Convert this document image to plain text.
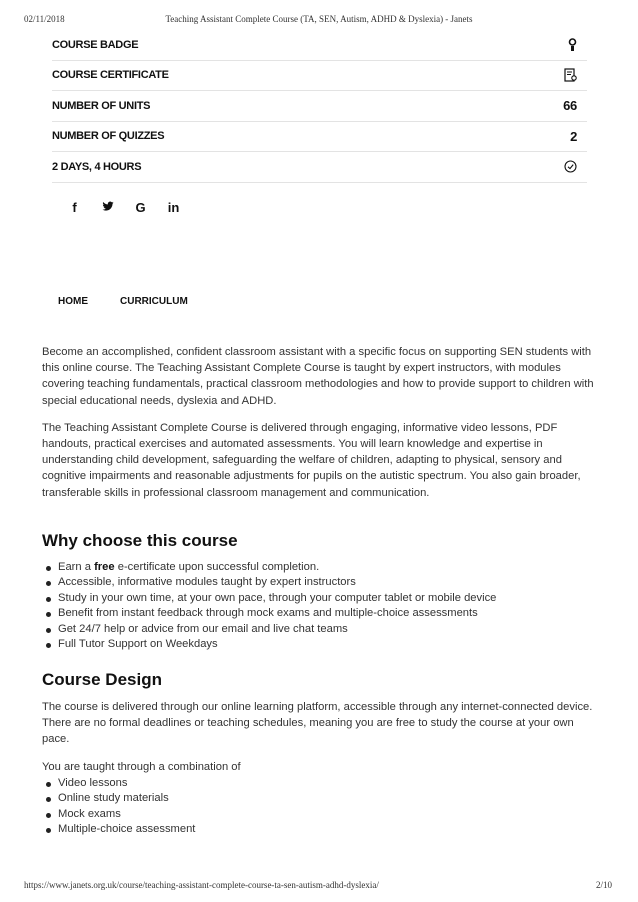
02/11/2018	Teaching Assistant Complete Course (TA, SEN, Autism, ADHD & Dyslexia) - Janets
COURSE BADGE
COURSE CERTIFICATE
NUMBER OF UNITS	66
NUMBER OF QUIZZES	2
2 DAYS, 4 HOURS
f	G	in
HOME	CURRICULUM

Become an accomplished, confident classroom assistant with a specific focus on supporting SEN students with this online course. The Teaching Assistant Complete Course is taught by expert instructors, with modules covering teaching fundamentals, practical classroom methodologies and how to provide support to children with special educational needs, dyslexia and ADHD.

The Teaching Assistant Complete Course is delivered through engaging, informative video lessons, PDF handouts, practical exercises and automated assessments. You will learn knowledge and expertise in understanding child development, safeguarding the welfare of children, adapting to physical, sensory and cognitive impairments and reasonable adjustments for pupils on the autistic spectrum. You also gain broader, transferable skills in professional classroom management and communication.

Why choose this course
Earn a free e-certificate upon successful completion.
Accessible, informative modules taught by expert instructors
Study in your own time, at your own pace, through your computer tablet or mobile device
Benefit from instant feedback through mock exams and multiple-choice assessments
Get 24/7 help or advice from our email and live chat teams
Full Tutor Support on Weekdays
Course Design

The course is delivered through our online learning platform, accessible through any internet-connected device. There are no formal deadlines or teaching schedules, meaning you are free to study the course at your own pace.

You are taught through a combination of

Video lessons
Online study materials
Mock exams
Multiple-choice assessment
https://www.janets.org.uk/course/teaching-assistant-complete-course-ta-sen-autism-adhd-dyslexia/	2/10
